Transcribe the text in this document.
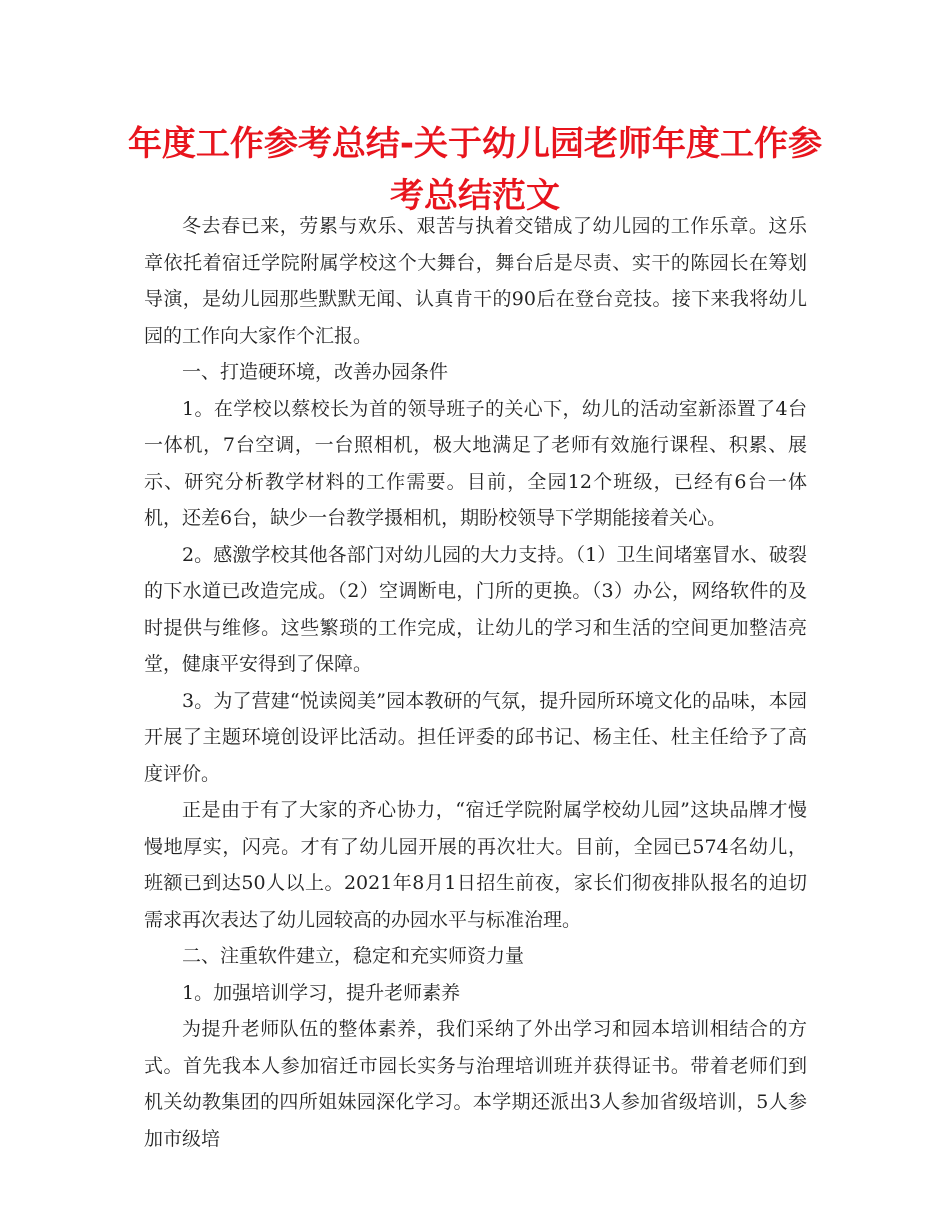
年度工作参考总结-关于幼儿园老师年度工作参考总结范文

冬去春已来，劳累与欢乐、艰苦与执着交错成了幼儿园的工作乐章。这乐章依托着宿迁学院附属学校这个大舞台，舞台后是尽责、实干的陈园长在筹划导演，是幼儿园那些默默无闻、认真肯干的90后在登台竞技。接下来我将幼儿园的工作向大家作个汇报。

一、打造硬环境，改善办园条件

1。在学校以蔡校长为首的领导班子的关心下，幼儿的活动室新添置了4台一体机，7台空调，一台照相机，极大地满足了老师有效施行课程、积累、展示、研究分析教学材料的工作需要。目前，全园12个班级，已经有6台一体机，还差6台，缺少一台教学摄相机，期盼校领导下学期能接着关心。

2。感激学校其他各部门对幼儿园的大力支持。（1）卫生间堵塞冒水、破裂的下水道已改造完成。（2）空调断电，门所的更换。（3）办公，网络软件的及时提供与维修。这些繁琐的工作完成，让幼儿的学习和生活的空间更加整洁亮堂，健康平安得到了保障。

3。为了营建“悦读阅美”园本教研的气氛，提升园所环境文化的品味，本园开展了主题环境创设评比活动。担任评委的邱书记、杨主任、杜主任给予了高度评价。

正是由于有了大家的齐心协力，“宿迁学院附属学校幼儿园”这块品牌才慢慢地厚实，闪亮。才有了幼儿园开展的再次壮大。目前，全园已574名幼儿，班额已到达50人以上。2021年8月1日招生前夜，家长们彻夜排队报名的迫切需求再次表达了幼儿园较高的办园水平与标准治理。

二、注重软件建立，稳定和充实师资力量

1。加强培训学习，提升老师素养

为提升老师队伍的整体素养，我们采纳了外出学习和园本培训相结合的方式。首先我本人参加宿迁市园长实务与治理培训班并获得证书。带着老师们到机关幼教集团的四所姐妹园深化学习。本学期还派出3人参加省级培训，5人参加市级培
